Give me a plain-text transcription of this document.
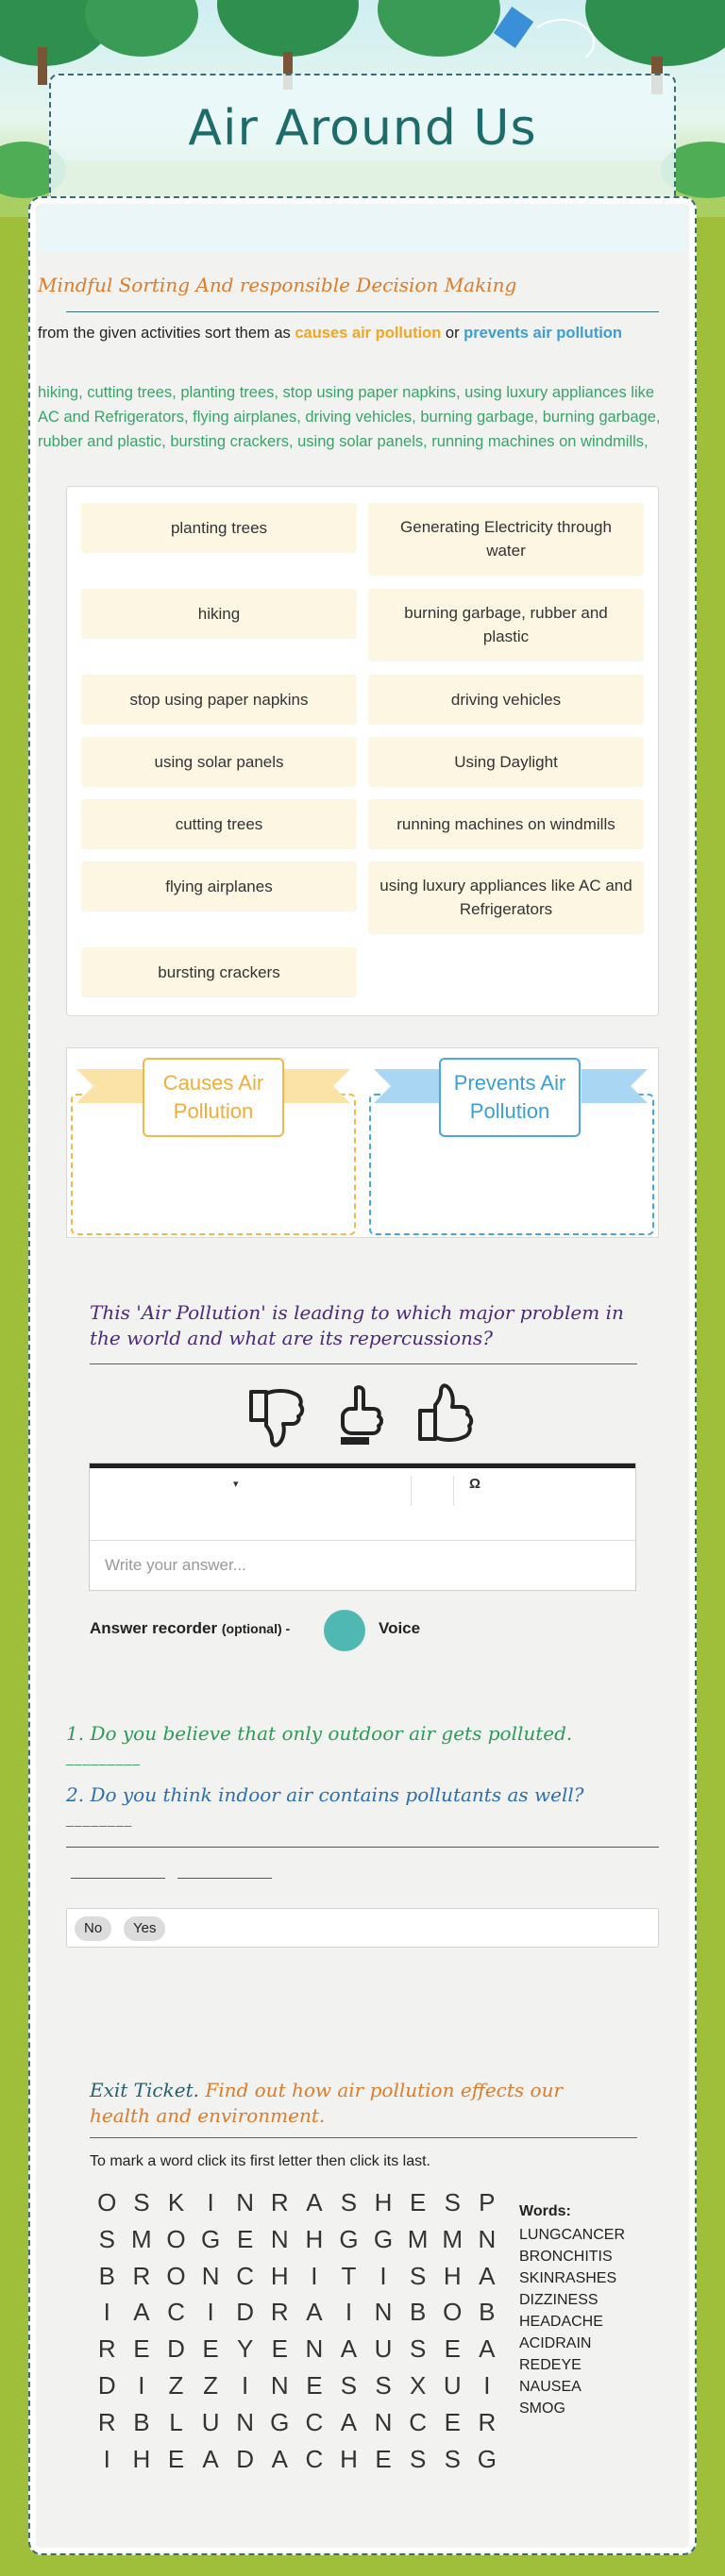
Air Around Us
Mindful Sorting And responsible Decision Making
from the given activities sort them as causes air pollution or prevents air pollution
hiking, cutting trees, planting trees, stop using paper napkins, using luxury appliances like AC and Refrigerators, flying airplanes, driving vehicles, burning garbage, burning garbage, rubber and plastic, bursting crackers, using solar panels, running machines on windmills,
planting trees	Generating Electricity through water
hiking	burning garbage, rubber and plastic
stop using paper napkins	driving vehicles
using solar panels	Using Daylight
cutting trees	running machines on windmills
flying airplanes	using luxury appliances like AC and Refrigerators
bursting crackers
Causes Air Pollution
Prevents Air Pollution
This 'Air Pollution' is leading to which major problem in the world and what are its repercussions?
▾	Ω
Write your answer...
Answer recorder (optional) -	Voice
1. Do you believe that only outdoor air gets polluted.
_________
2. Do you think indoor air contains pollutants as well?
________
No	Yes
Exit Ticket. Find out how air pollution effects our health and environment.
To mark a word click its first letter then click its last.
O S K I N R A S H E S P
S M O G E N H G G M M N
B R O N C H I T I S H A
I A C I D R A I N B O B
R E D E Y E N A U S E A
D I Z Z I N E S S X U I
R B L U N G C A N C E R
I H E A D A C H E S S G
Words:
LUNGCANCER
BRONCHITIS
SKINRASHES
DIZZINESS
HEADACHE
ACIDRAIN
REDEYE
NAUSEA
SMOG
